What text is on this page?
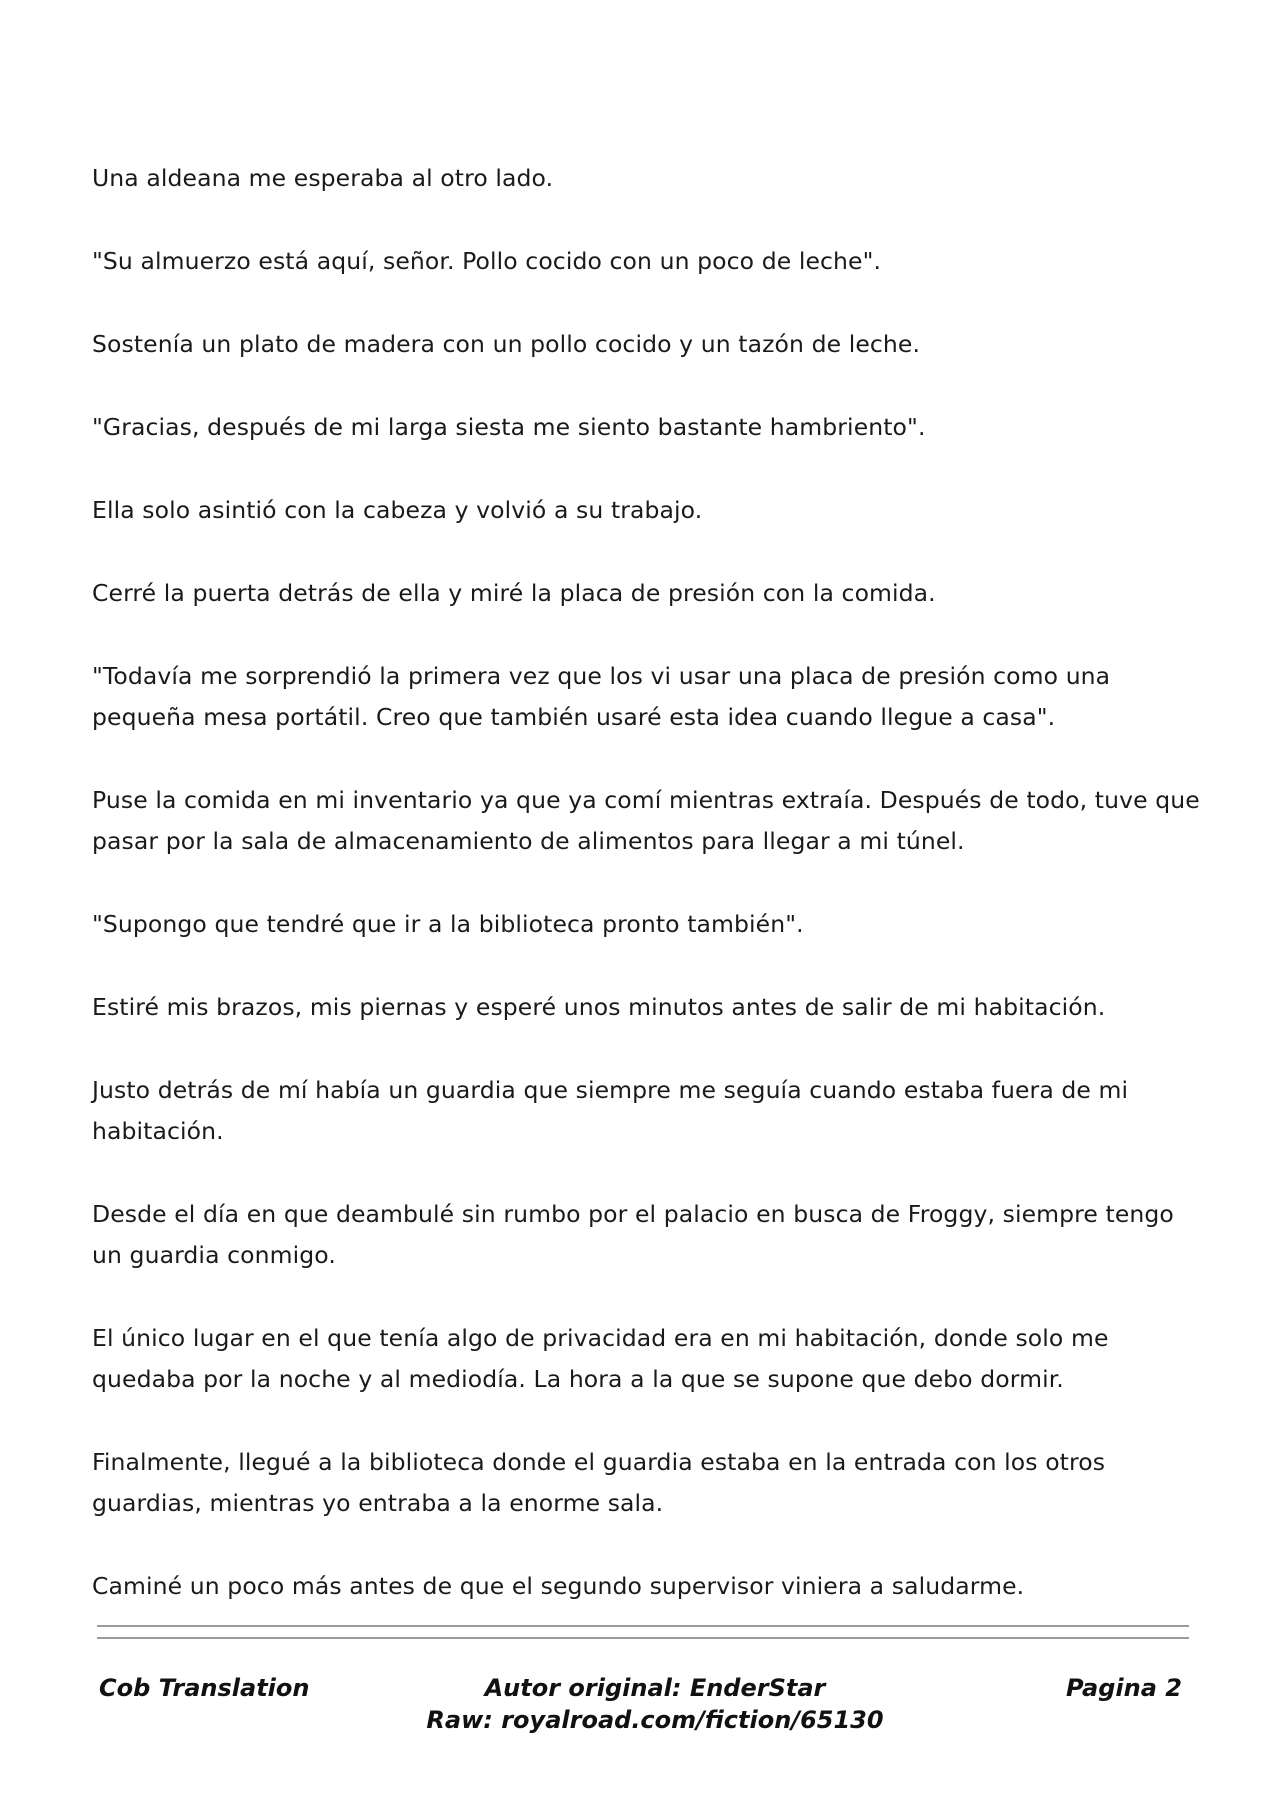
Una aldeana me esperaba al otro lado.

"Su almuerzo está aquí, señor. Pollo cocido con un poco de leche".

Sostenía un plato de madera con un pollo cocido y un tazón de leche.

"Gracias, después de mi larga siesta me siento bastante hambriento".

Ella solo asintió con la cabeza y volvió a su trabajo.

Cerré la puerta detrás de ella y miré la placa de presión con la comida.

"Todavía me sorprendió la primera vez que los vi usar una placa de presión como una pequeña mesa portátil. Creo que también usaré esta idea cuando llegue a casa".

Puse la comida en mi inventario ya que ya comí mientras extraía. Después de todo, tuve que pasar por la sala de almacenamiento de alimentos para llegar a mi túnel.

"Supongo que tendré que ir a la biblioteca pronto también".

Estiré mis brazos, mis piernas y esperé unos minutos antes de salir de mi habitación.

Justo detrás de mí había un guardia que siempre me seguía cuando estaba fuera de mi habitación.

Desde el día en que deambulé sin rumbo por el palacio en busca de Froggy, siempre tengo un guardia conmigo.

El único lugar en el que tenía algo de privacidad era en mi habitación, donde solo me quedaba por la noche y al mediodía. La hora a la que se supone que debo dormir.

Finalmente, llegué a la biblioteca donde el guardia estaba en la entrada con los otros guardias, mientras yo entraba a la enorme sala.

Caminé un poco más antes de que el segundo supervisor viniera a saludarme.

Cob Translation	Autor original: EnderStar
Raw: royalroad.com/fiction/65130
Pagina 2
